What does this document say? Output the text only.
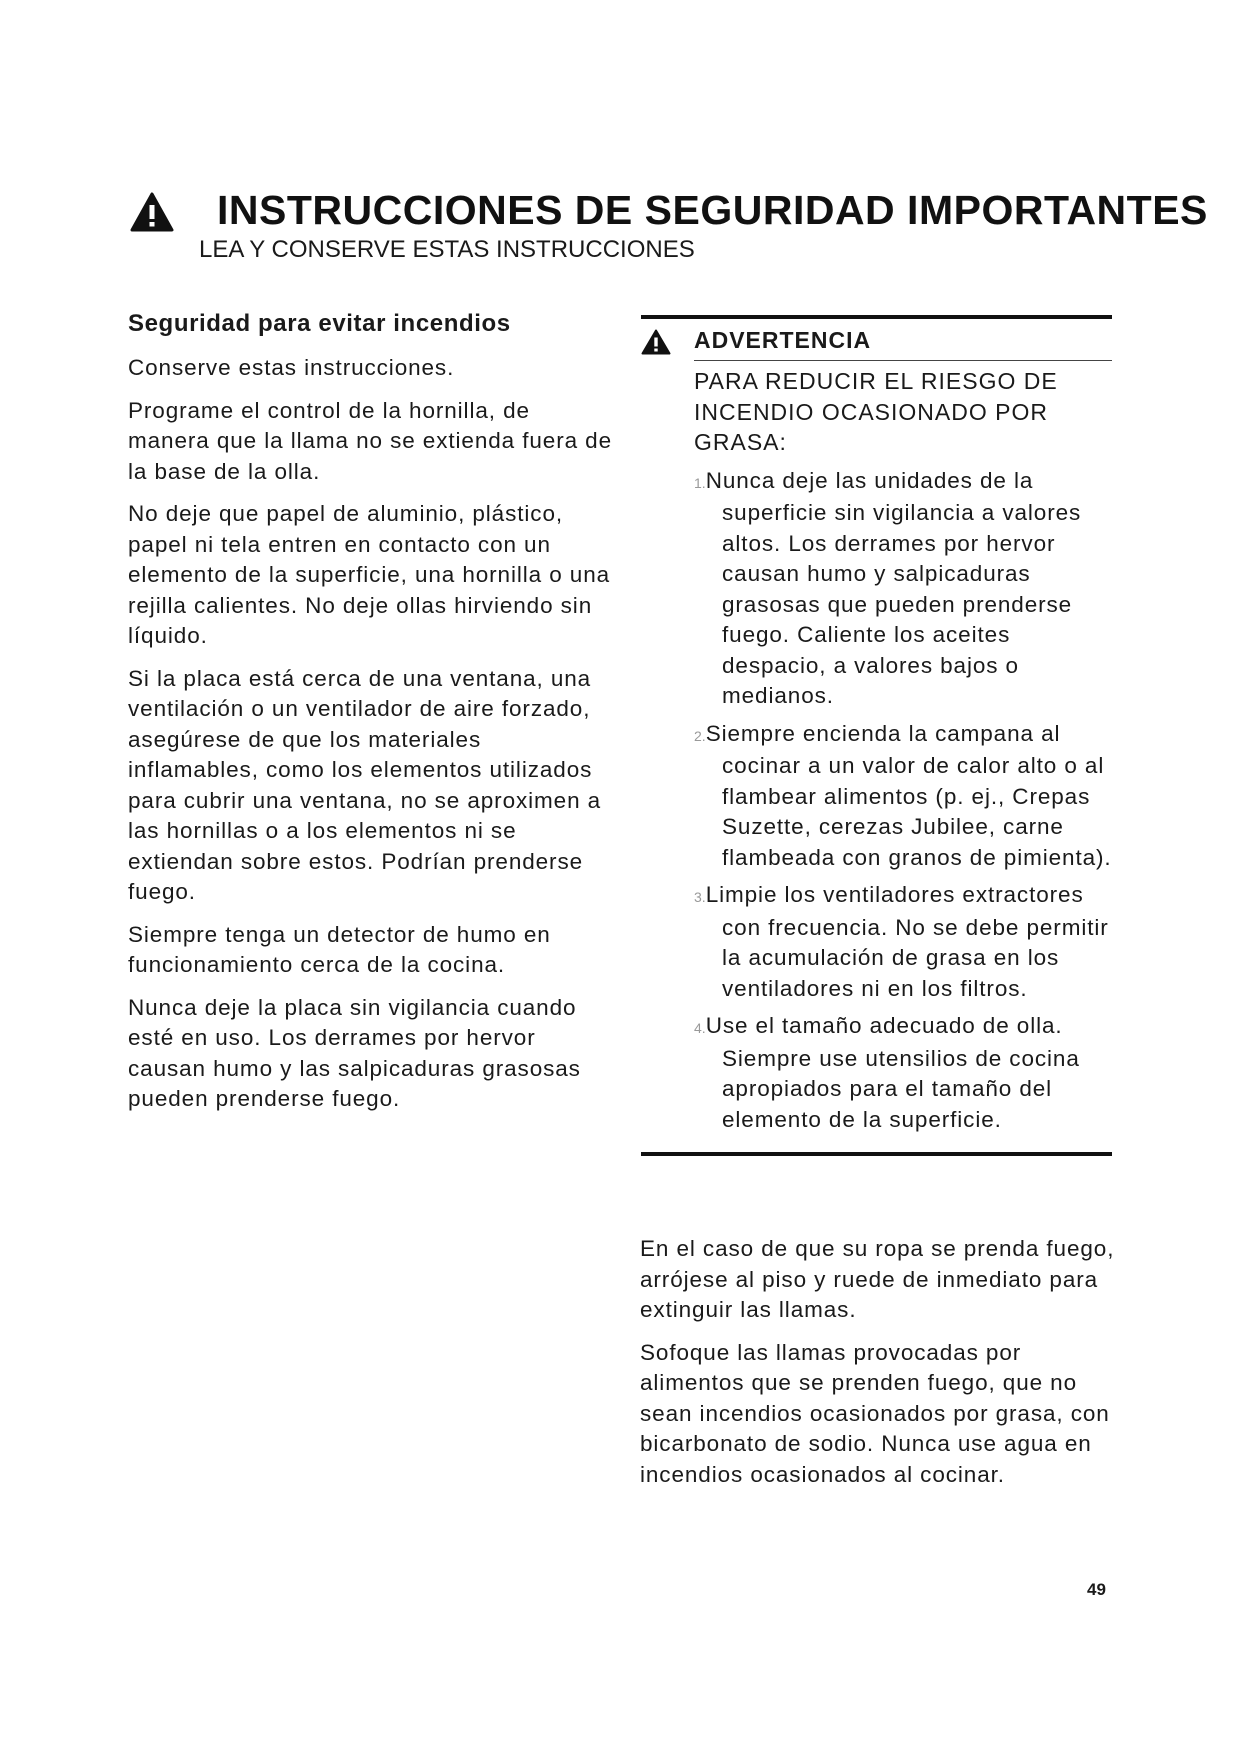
INSTRUCCIONES DE SEGURIDAD IMPORTANTES
LEA Y CONSERVE ESTAS INSTRUCCIONES
Seguridad para evitar incendios

Conserve estas instrucciones.

Programe el control de la hornilla, de manera que la llama no se extienda fuera de la base de la olla.

No deje que papel de aluminio, plástico, papel ni tela entren en contacto con un elemento de la superficie, una hornilla o una rejilla calientes. No deje ollas hirviendo sin líquido.

Si la placa está cerca de una ventana, una ventilación o un ventilador de aire forzado, asegúrese de que los materiales inflamables, como los elementos utilizados para cubrir una ventana, no se aproximen a las hornillas o a los elementos ni se extiendan sobre estos. Podrían prenderse fuego.

Siempre tenga un detector de humo en funcionamiento cerca de la cocina.

Nunca deje la placa sin vigilancia cuando esté en uso. Los derrames por hervor causan humo y las salpicaduras grasosas pueden prenderse fuego.

ADVERTENCIA

PARA REDUCIR EL RIESGO DE INCENDIO OCASIONADO POR GRASA:

1.Nunca deje las unidades de la superficie sin vigilancia a valores altos. Los derrames por hervor causan humo y salpicaduras grasosas que pueden prenderse fuego. Caliente los aceites despacio, a valores bajos o medianos.
2.Siempre encienda la campana al cocinar a un valor de calor alto o al flambear alimentos (p. ej., Crepas Suzette, cerezas Jubilee, carne flambeada con granos de pimienta).
3.Limpie los ventiladores extractores con frecuencia. No se debe permitir la acumulación de grasa en los ventiladores ni en los filtros.
4.Use el tamaño adecuado de olla. Siempre use utensilios de cocina apropiados para el tamaño del elemento de la superficie.

En el caso de que su ropa se prenda fuego, arrójese al piso y ruede de inmediato para extinguir las llamas.

Sofoque las llamas provocadas por alimentos que se prenden fuego, que no sean incendios ocasionados por grasa, con bicarbonato de sodio. Nunca use agua en incendios ocasionados al cocinar.

49
